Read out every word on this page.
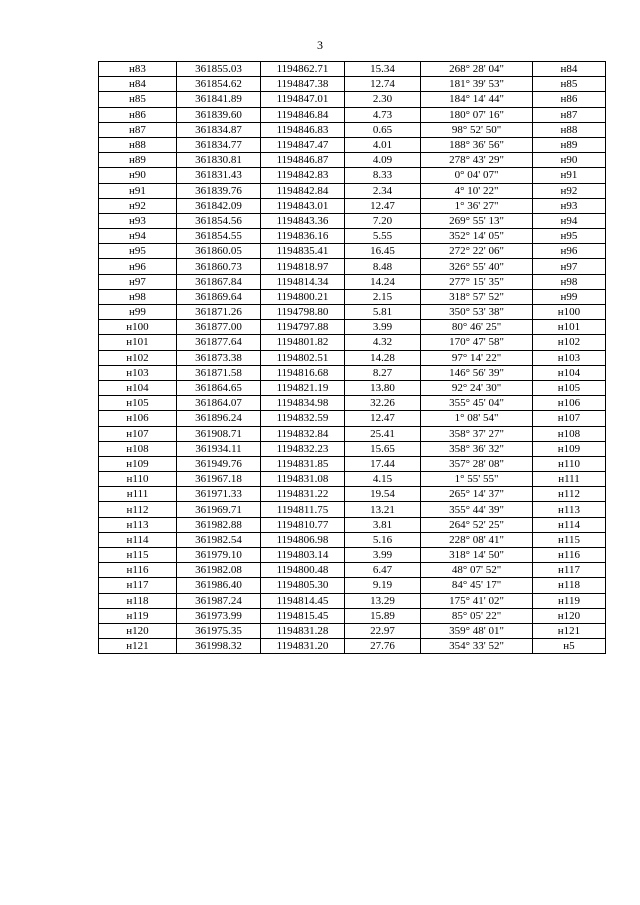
3
н83	361855.03	1194862.71	15.34	268° 28' 04"	н84
н84	361854.62	1194847.38	12.74	181° 39' 53"	н85
н85	361841.89	1194847.01	2.30	184° 14' 44"	н86
н86	361839.60	1194846.84	4.73	180° 07' 16"	н87
н87	361834.87	1194846.83	0.65	98° 52' 50"	н88
н88	361834.77	1194847.47	4.01	188° 36' 56"	н89
н89	361830.81	1194846.87	4.09	278° 43' 29"	н90
н90	361831.43	1194842.83	8.33	0° 04' 07"	н91
н91	361839.76	1194842.84	2.34	4° 10' 22"	н92
н92	361842.09	1194843.01	12.47	1° 36' 27"	н93
н93	361854.56	1194843.36	7.20	269° 55' 13"	н94
н94	361854.55	1194836.16	5.55	352° 14' 05"	н95
н95	361860.05	1194835.41	16.45	272° 22' 06"	н96
н96	361860.73	1194818.97	8.48	326° 55' 40"	н97
н97	361867.84	1194814.34	14.24	277° 15' 35"	н98
н98	361869.64	1194800.21	2.15	318° 57' 52"	н99
н99	361871.26	1194798.80	5.81	350° 53' 38"	н100
н100	361877.00	1194797.88	3.99	80° 46' 25"	н101
н101	361877.64	1194801.82	4.32	170° 47' 58"	н102
н102	361873.38	1194802.51	14.28	97° 14' 22"	н103
н103	361871.58	1194816.68	8.27	146° 56' 39"	н104
н104	361864.65	1194821.19	13.80	92° 24' 30"	н105
н105	361864.07	1194834.98	32.26	355° 45' 04"	н106
н106	361896.24	1194832.59	12.47	1° 08' 54"	н107
н107	361908.71	1194832.84	25.41	358° 37' 27"	н108
н108	361934.11	1194832.23	15.65	358° 36' 32"	н109
н109	361949.76	1194831.85	17.44	357° 28' 08"	н110
н110	361967.18	1194831.08	4.15	1° 55' 55"	н111
н111	361971.33	1194831.22	19.54	265° 14' 37"	н112
н112	361969.71	1194811.75	13.21	355° 44' 39"	н113
н113	361982.88	1194810.77	3.81	264° 52' 25"	н114
н114	361982.54	1194806.98	5.16	228° 08' 41"	н115
н115	361979.10	1194803.14	3.99	318° 14' 50"	н116
н116	361982.08	1194800.48	6.47	48° 07' 52"	н117
н117	361986.40	1194805.30	9.19	84° 45' 17"	н118
н118	361987.24	1194814.45	13.29	175° 41' 02"	н119
н119	361973.99	1194815.45	15.89	85° 05' 22"	н120
н120	361975.35	1194831.28	22.97	359° 48' 01"	н121
н121	361998.32	1194831.20	27.76	354° 33' 52"	н5
